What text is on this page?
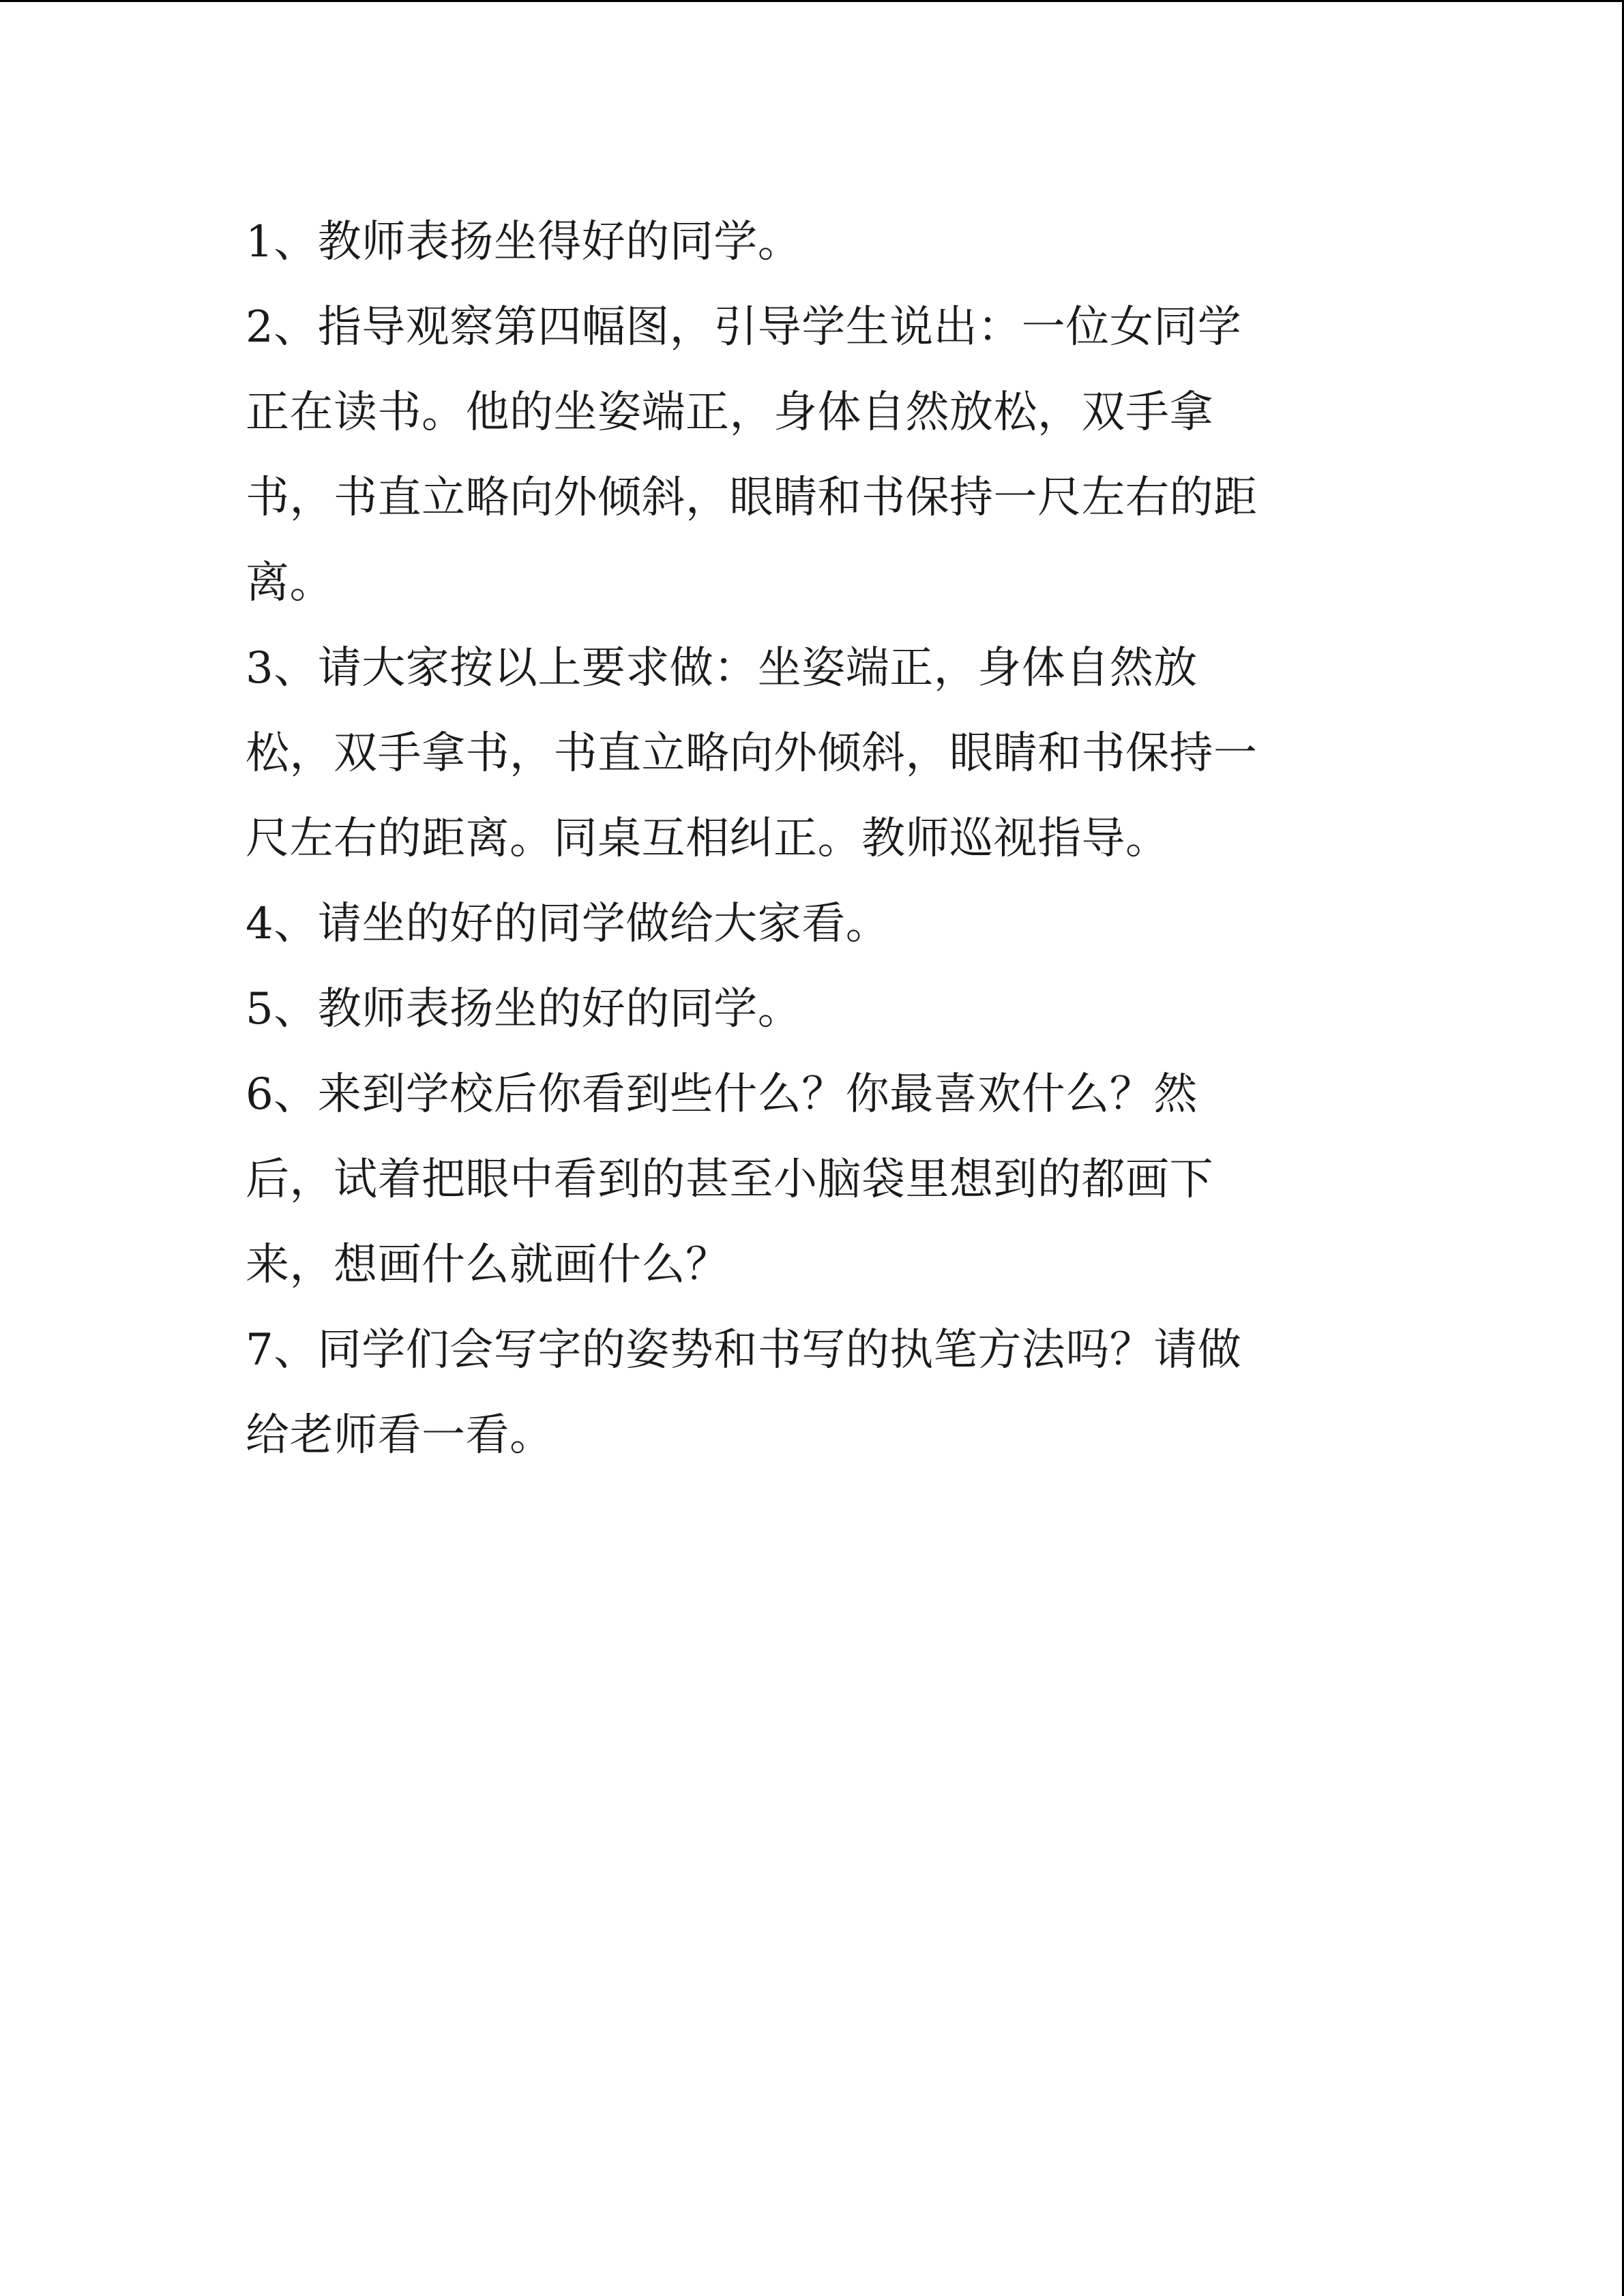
1、教师表扬坐得好的同学。
2、指导观察第四幅图，引导学生说出：一位女同学
正在读书。他的坐姿端正，身体自然放松，双手拿
书，书直立略向外倾斜，眼睛和书保持一尺左右的距
离。
3、请大家按以上要求做：坐姿端正，身体自然放
松，双手拿书，书直立略向外倾斜，眼睛和书保持一
尺左右的距离。同桌互相纠正。教师巡视指导。
4、请坐的好的同学做给大家看。
5、教师表扬坐的好的同学。
6、来到学校后你看到些什么？你最喜欢什么？然
后，试着把眼中看到的甚至小脑袋里想到的都画下
来，想画什么就画什么？
7、同学们会写字的姿势和书写的执笔方法吗？请做
给老师看一看。
